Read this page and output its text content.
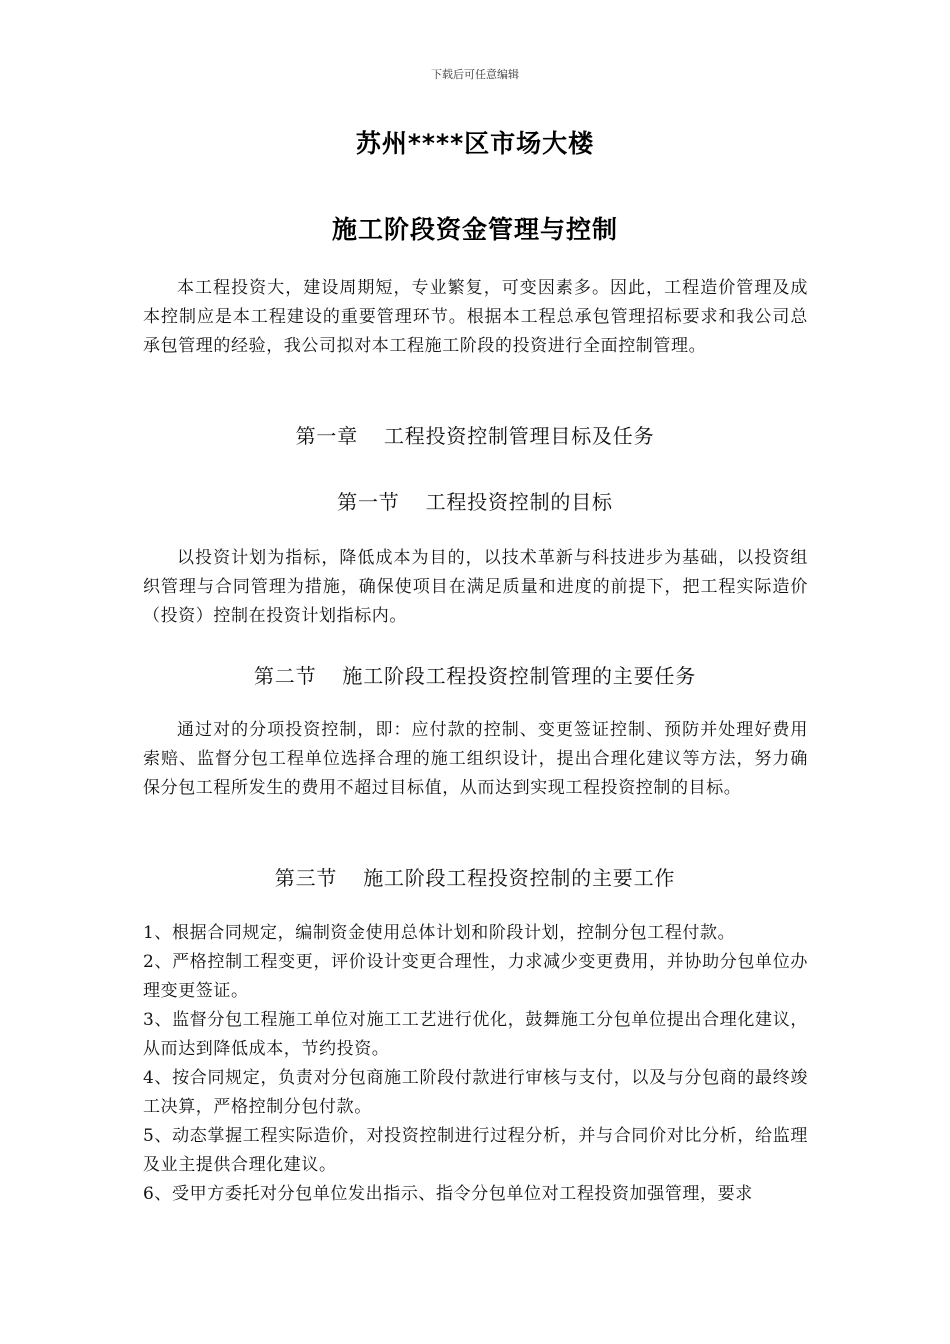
下载后可任意编辑
苏州****区市场大楼
施工阶段资金管理与控制

本工程投资大，建设周期短，专业繁复，可变因素多。因此，工程造价管理及成本控制应是本工程建设的重要管理环节。根据本工程总承包管理招标要求和我公司总承包管理的经验，我公司拟对本工程施工阶段的投资进行全面控制管理。

第一章 工程投资控制管理目标及任务
第一节 工程投资控制的目标

以投资计划为指标，降低成本为目的，以技术革新与科技进步为基础，以投资组织管理与合同管理为措施，确保使项目在满足质量和进度的前提下，把工程实际造价（投资）控制在投资计划指标内。

第二节 施工阶段工程投资控制管理的主要任务

通过对的分项投资控制，即：应付款的控制、变更签证控制、预防并处理好费用索赔、监督分包工程单位选择合理的施工组织设计，提出合理化建议等方法，努力确保分包工程所发生的费用不超过目标值，从而达到实现工程投资控制的目标。

第三节 施工阶段工程投资控制的主要工作

1、根据合同规定，编制资金使用总体计划和阶段计划，控制分包工程付款。

2、严格控制工程变更，评价设计变更合理性，力求减少变更费用，并协助分包单位办理变更签证。

3、监督分包工程施工单位对施工工艺进行优化，鼓舞施工分包单位提出合理化建议，从而达到降低成本，节约投资。

4、按合同规定，负责对分包商施工阶段付款进行审核与支付，以及与分包商的最终竣工决算，严格控制分包付款。

5、动态掌握工程实际造价，对投资控制进行过程分析，并与合同价对比分析，给监理及业主提供合理化建议。

6、受甲方委托对分包单位发出指示、指令分包单位对工程投资加强管理，要求
